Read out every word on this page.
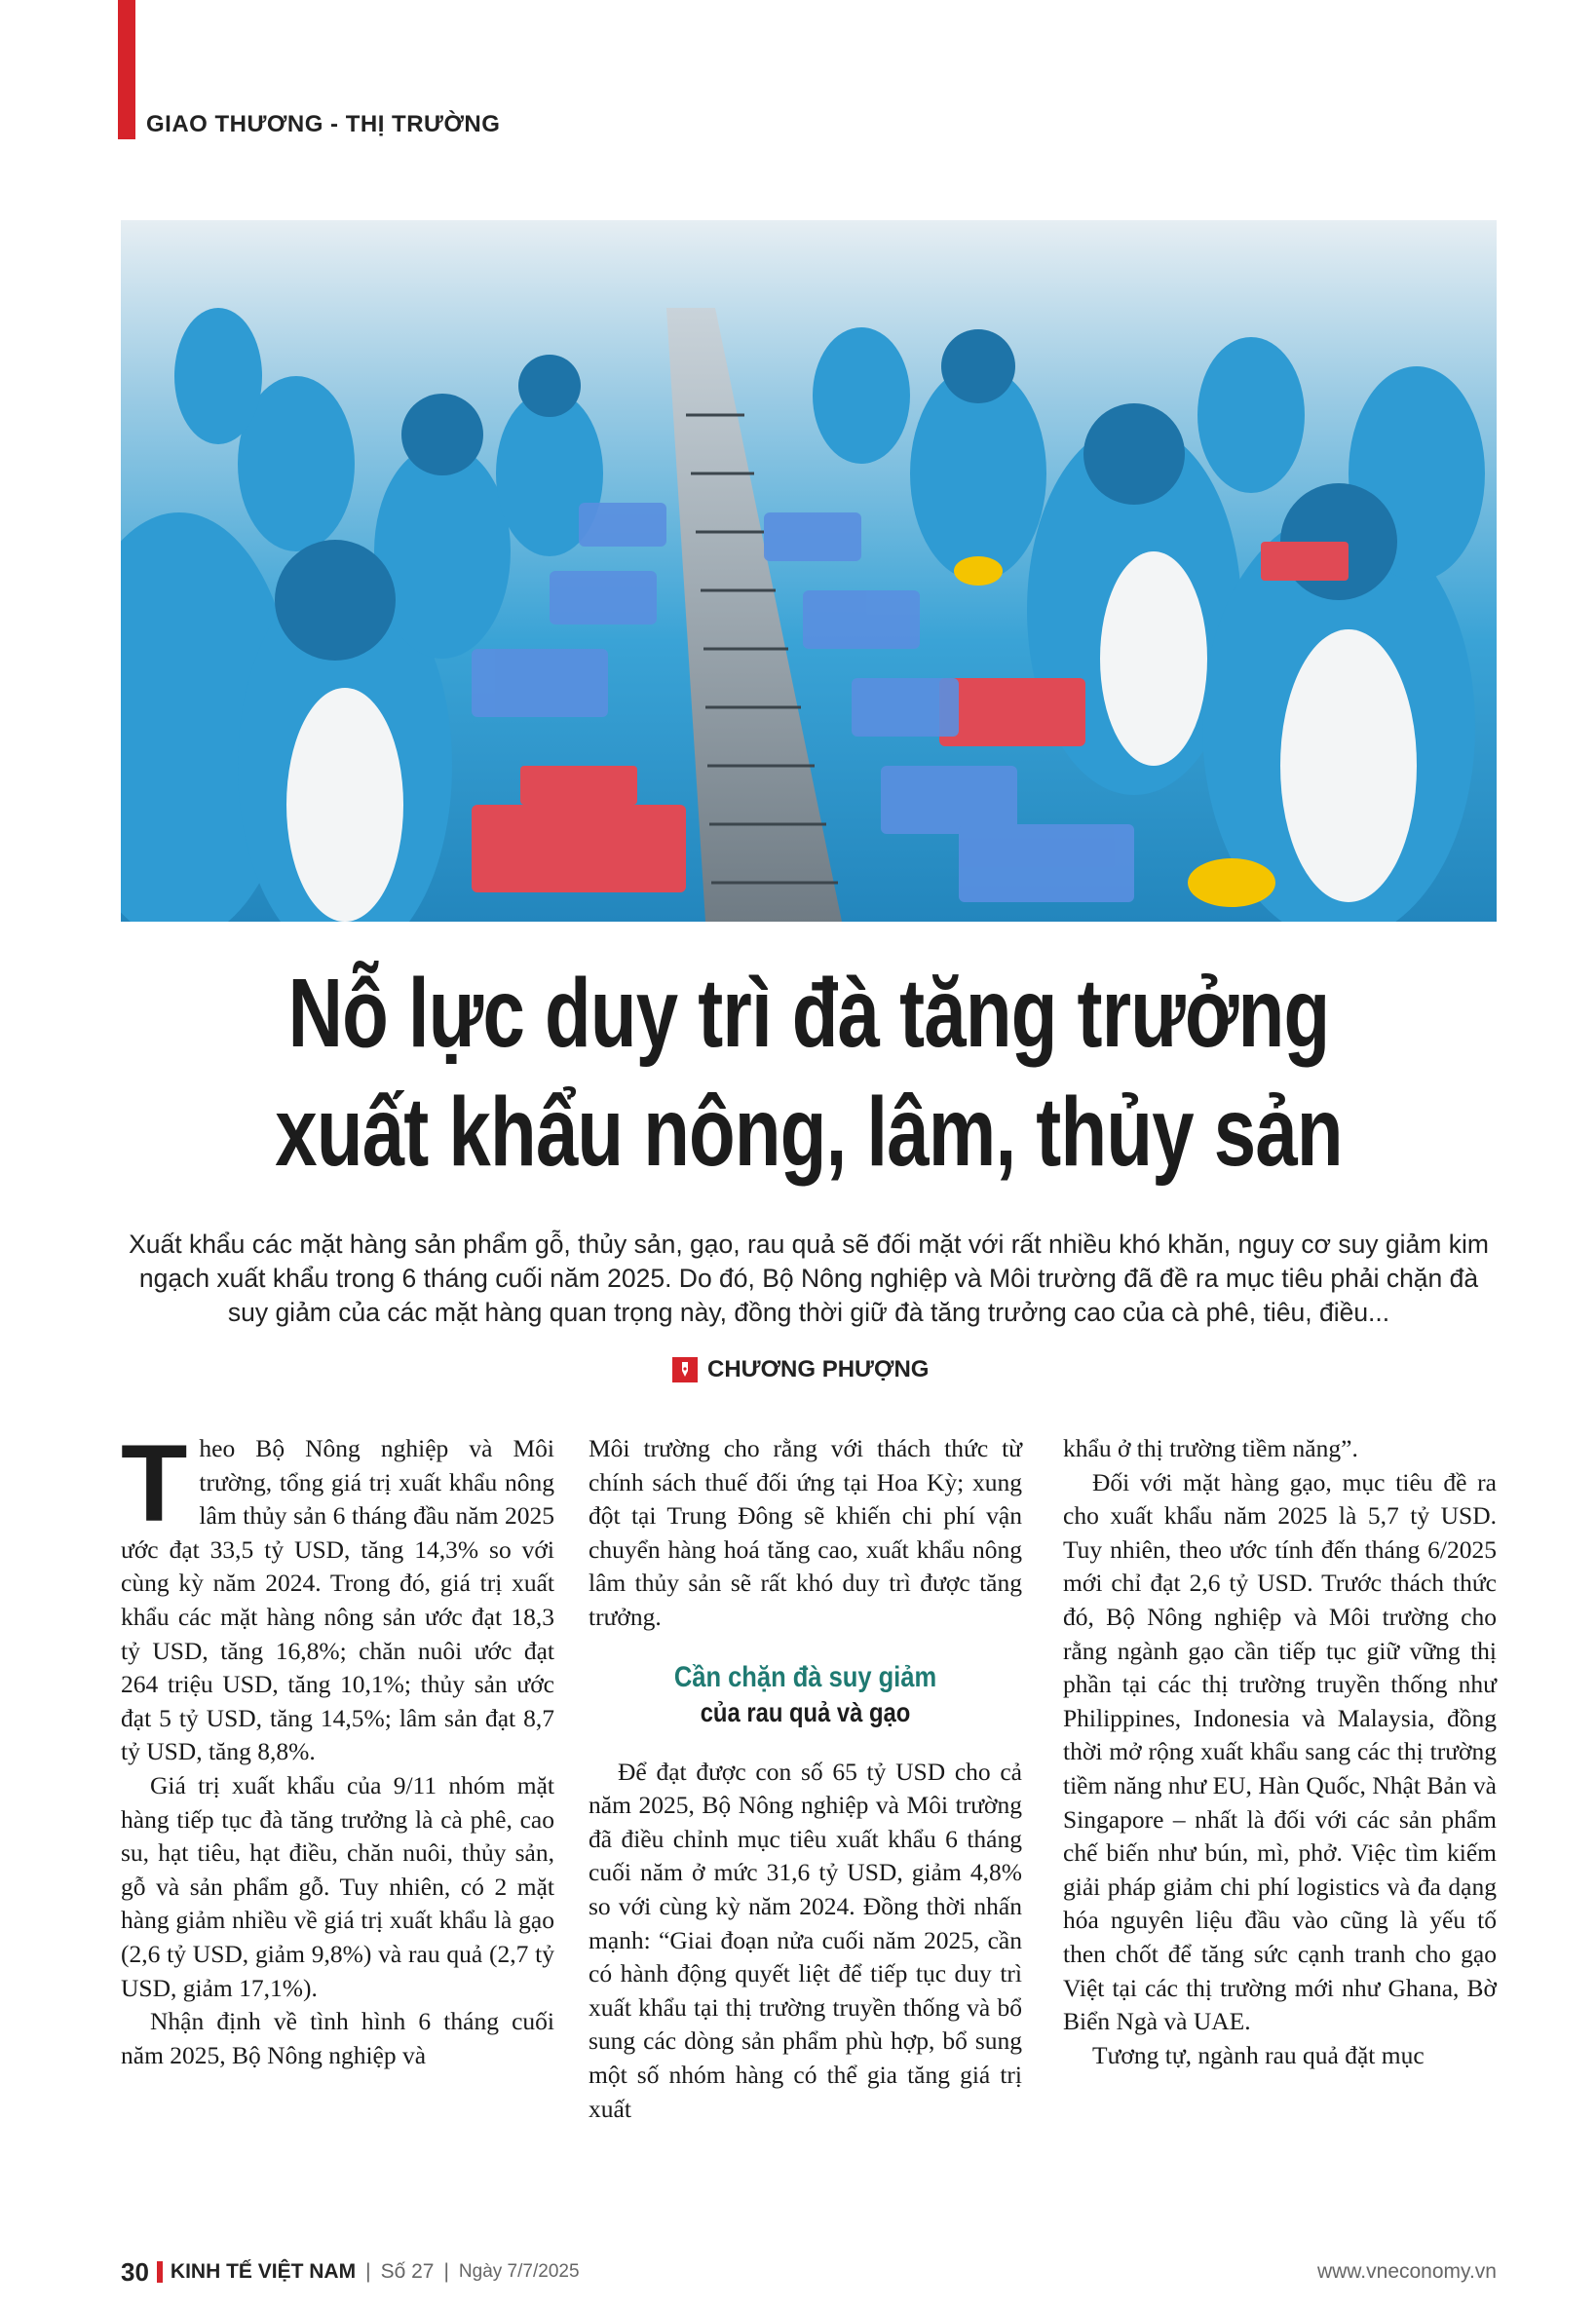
GIAO THƯƠNG - THỊ TRƯỜNG
Nỗ lực duy trì đà tăng trưởng
xuất khẩu nông, lâm, thủy sản
Xuất khẩu các mặt hàng sản phẩm gỗ, thủy sản, gạo, rau quả sẽ đối mặt với rất nhiều khó khăn, nguy cơ suy giảm kim ngạch xuất khẩu trong 6 tháng cuối năm 2025. Do đó, Bộ Nông nghiệp và Môi trường đã đề ra mục tiêu phải chặn đà suy giảm của các mặt hàng quan trọng này, đồng thời giữ đà tăng trưởng cao của cà phê, tiêu, điều...
CHƯƠNG PHƯỢNG

Theo Bộ Nông nghiệp và Môi trường, tổng giá trị xuất khẩu nông lâm thủy sản 6 tháng đầu năm 2025 ước đạt 33,5 tỷ USD, tăng 14,3% so với cùng kỳ năm 2024. Trong đó, giá trị xuất khẩu các mặt hàng nông sản ước đạt 18,3 tỷ USD, tăng 16,8%; chăn nuôi ước đạt 264 triệu USD, tăng 10,1%; thủy sản ước đạt 5 tỷ USD, tăng 14,5%; lâm sản đạt 8,7 tỷ USD, tăng 8,8%.

Giá trị xuất khẩu của 9/11 nhóm mặt hàng tiếp tục đà tăng trưởng là cà phê, cao su, hạt tiêu, hạt điều, chăn nuôi, thủy sản, gỗ và sản phẩm gỗ. Tuy nhiên, có 2 mặt hàng giảm nhiều về giá trị xuất khẩu là gạo (2,6 tỷ USD, giảm 9,8%) và rau quả (2,7 tỷ USD, giảm 17,1%).

Nhận định về tình hình 6 tháng cuối năm 2025, Bộ Nông nghiệp và

Môi trường cho rằng với thách thức từ chính sách thuế đối ứng tại Hoa Kỳ; xung đột tại Trung Đông sẽ khiến chi phí vận chuyển hàng hoá tăng cao, xuất khẩu nông lâm thủy sản sẽ rất khó duy trì được tăng trưởng.

Cần chặn đà suy giảm
của rau quả và gạo

Để đạt được con số 65 tỷ USD cho cả năm 2025, Bộ Nông nghiệp và Môi trường đã điều chỉnh mục tiêu xuất khẩu 6 tháng cuối năm ở mức 31,6 tỷ USD, giảm 4,8% so với cùng kỳ năm 2024. Đồng thời nhấn mạnh: “Giai đoạn nửa cuối năm 2025, cần có hành động quyết liệt để tiếp tục duy trì xuất khẩu tại thị trường truyền thống và bổ sung các dòng sản phẩm phù hợp, bổ sung một số nhóm hàng có thể gia tăng giá trị xuất

khẩu ở thị trường tiềm năng”.

Đối với mặt hàng gạo, mục tiêu đề ra cho xuất khẩu năm 2025 là 5,7 tỷ USD. Tuy nhiên, theo ước tính đến tháng 6/2025 mới chỉ đạt 2,6 tỷ USD. Trước thách thức đó, Bộ Nông nghiệp và Môi trường cho rằng ngành gạo cần tiếp tục giữ vững thị phần tại các thị trường truyền thống như Philippines, Indonesia và Malaysia, đồng thời mở rộng xuất khẩu sang các thị trường tiềm năng như EU, Hàn Quốc, Nhật Bản và Singapore – nhất là đối với các sản phẩm chế biến như bún, mì, phở. Việc tìm kiếm giải pháp giảm chi phí logistics và đa dạng hóa nguyên liệu đầu vào cũng là yếu tố then chốt để tăng sức cạnh tranh cho gạo Việt tại các thị trường mới như Ghana, Bờ Biển Ngà và UAE.

Tương tự, ngành rau quả đặt mục

30 KINH TẾ VIỆT NAM | Số 27 | Ngày 7/7/2025	www.vneconomy.vn
